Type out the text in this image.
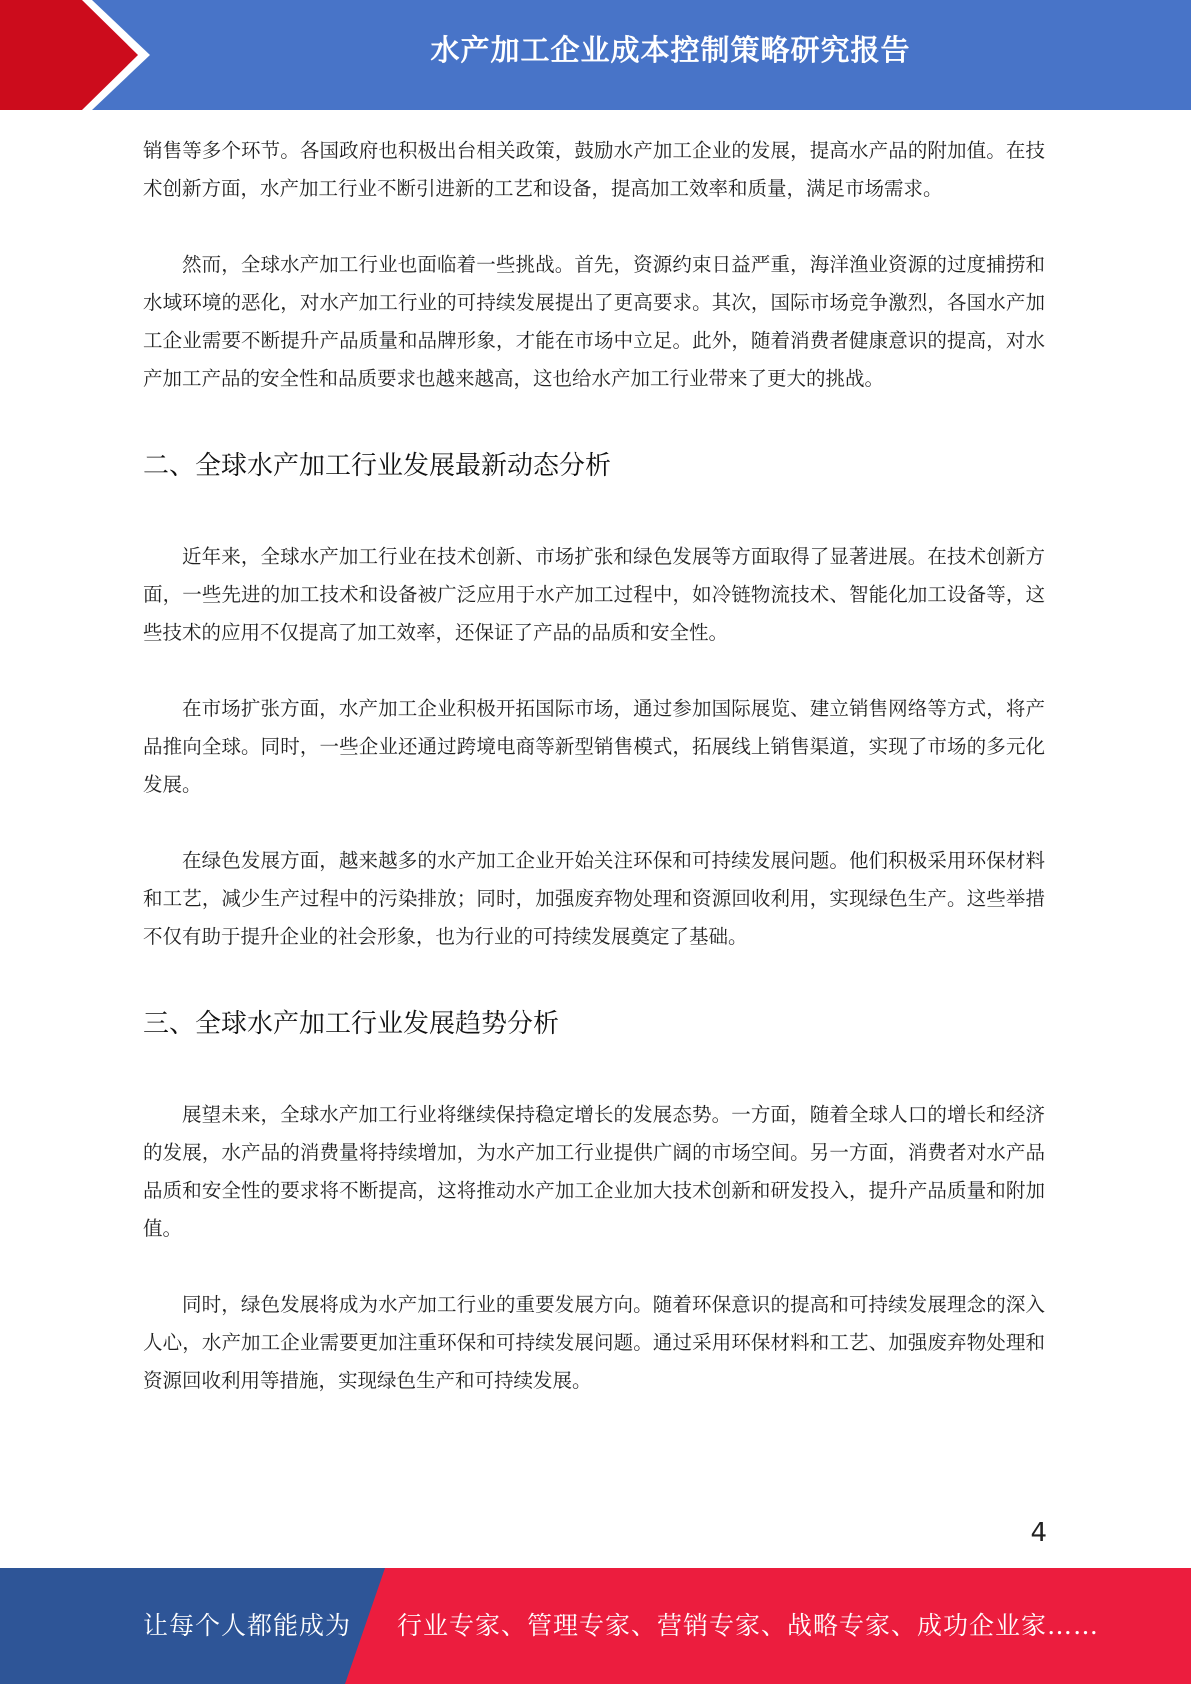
水产加工企业成本控制策略研究报告

销售等多个环节。各国政府也积极出台相关政策，鼓励水产加工企业的发展，提高水产品的附加值。在技术创新方面，水产加工行业不断引进新的工艺和设备，提高加工效率和质量，满足市场需求。

然而，全球水产加工行业也面临着一些挑战。首先，资源约束日益严重，海洋渔业资源的过度捕捞和水域环境的恶化，对水产加工行业的可持续发展提出了更高要求。其次，国际市场竞争激烈，各国水产加工企业需要不断提升产品质量和品牌形象，才能在市场中立足。此外，随着消费者健康意识的提高，对水产加工产品的安全性和品质要求也越来越高，这也给水产加工行业带来了更大的挑战。

二、全球水产加工行业发展最新动态分析

近年来，全球水产加工行业在技术创新、市场扩张和绿色发展等方面取得了显著进展。在技术创新方面，一些先进的加工技术和设备被广泛应用于水产加工过程中，如冷链物流技术、智能化加工设备等，这些技术的应用不仅提高了加工效率，还保证了产品的品质和安全性。

在市场扩张方面，水产加工企业积极开拓国际市场，通过参加国际展览、建立销售网络等方式，将产品推向全球。同时，一些企业还通过跨境电商等新型销售模式，拓展线上销售渠道，实现了市场的多元化发展。

在绿色发展方面，越来越多的水产加工企业开始关注环保和可持续发展问题。他们积极采用环保材料和工艺，减少生产过程中的污染排放；同时，加强废弃物处理和资源回收利用，实现绿色生产。这些举措不仅有助于提升企业的社会形象，也为行业的可持续发展奠定了基础。

三、全球水产加工行业发展趋势分析

展望未来，全球水产加工行业将继续保持稳定增长的发展态势。一方面，随着全球人口的增长和经济的发展，水产品的消费量将持续增加，为水产加工行业提供广阔的市场空间。另一方面，消费者对水产品品质和安全性的要求将不断提高，这将推动水产加工企业加大技术创新和研发投入，提升产品质量和附加值。

同时，绿色发展将成为水产加工行业的重要发展方向。随着环保意识的提高和可持续发展理念的深入人心，水产加工企业需要更加注重环保和可持续发展问题。通过采用环保材料和工艺、加强废弃物处理和资源回收利用等措施，实现绿色生产和可持续发展。

4
让每个人都能成为 行业专家、管理专家、营销专家、战略专家、成功企业家……
